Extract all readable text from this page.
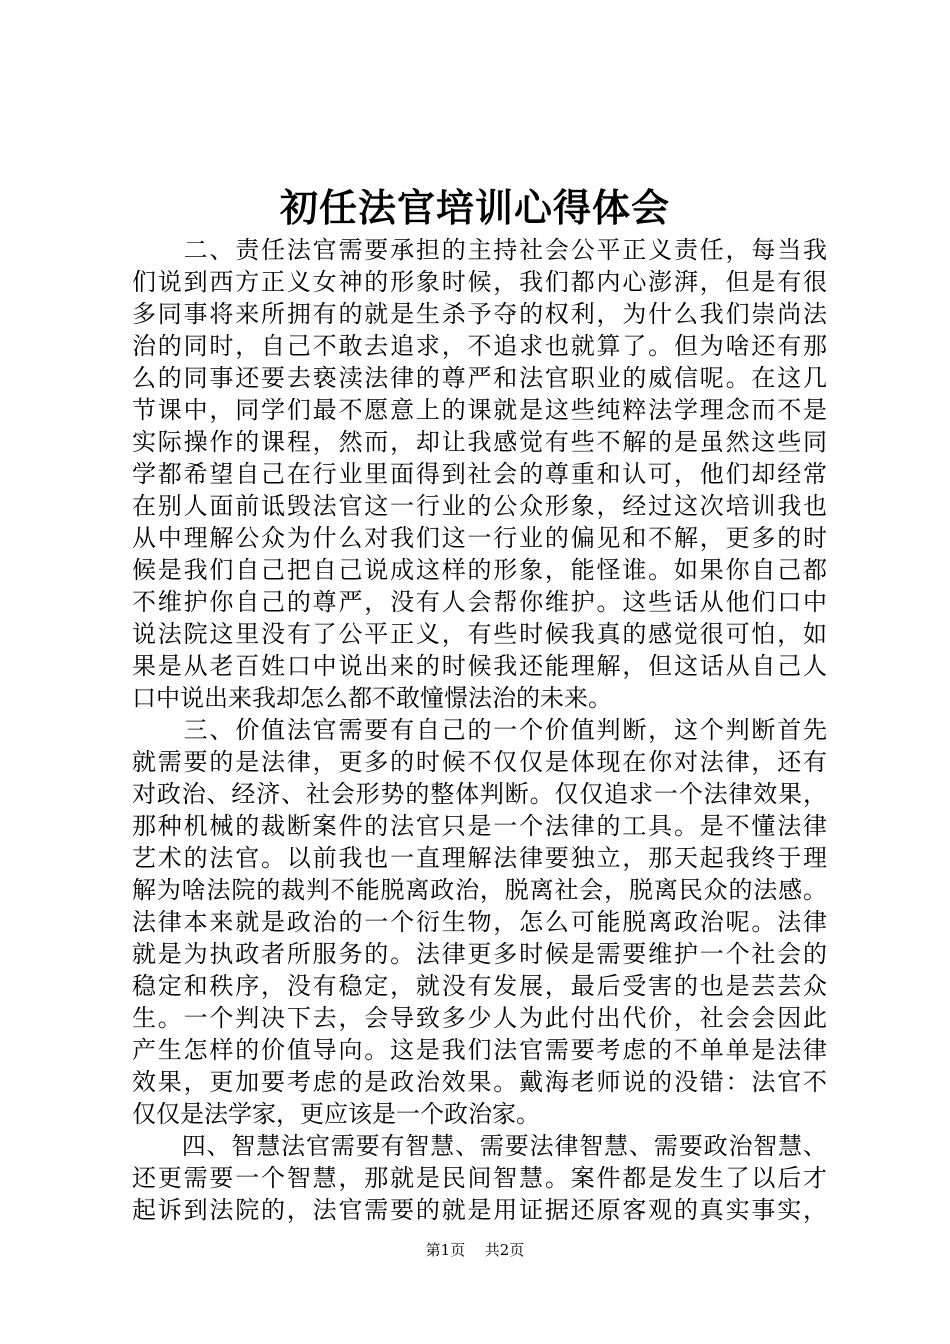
初任法官培训心得体会
　　二、责任法官需要承担的主持社会公平正义责任，每当我
们说到西方正义女神的形象时候，我们都内心澎湃，但是有很
多同事将来所拥有的就是生杀予夺的权利，为什么我们崇尚法
治的同时，自己不敢去追求，不追求也就算了。但为啥还有那
么的同事还要去亵渎法律的尊严和法官职业的威信呢。在这几
节课中，同学们最不愿意上的课就是这些纯粹法学理念而不是
实际操作的课程，然而，却让我感觉有些不解的是虽然这些同
学都希望自己在行业里面得到社会的尊重和认可，他们却经常
在别人面前诋毁法官这一行业的公众形象，经过这次培训我也
从中理解公众为什么对我们这一行业的偏见和不解，更多的时
候是我们自己把自己说成这样的形象，能怪谁。如果你自己都
不维护你自己的尊严，没有人会帮你维护。这些话从他们口中
说法院这里没有了公平正义，有些时候我真的感觉很可怕，如
果是从老百姓口中说出来的时候我还能理解，但这话从自己人
口中说出来我却怎么都不敢憧憬法治的未来。
　　三、价值法官需要有自己的一个价值判断，这个判断首先
就需要的是法律，更多的时候不仅仅是体现在你对法律，还有
对政治、经济、社会形势的整体判断。仅仅追求一个法律效果，
那种机械的裁断案件的法官只是一个法律的工具。是不懂法律
艺术的法官。以前我也一直理解法律要独立，那天起我终于理
解为啥法院的裁判不能脱离政治，脱离社会，脱离民众的法感。
法律本来就是政治的一个衍生物，怎么可能脱离政治呢。法律
就是为执政者所服务的。法律更多时候是需要维护一个社会的
稳定和秩序，没有稳定，就没有发展，最后受害的也是芸芸众
生。一个判决下去，会导致多少人为此付出代价，社会会因此
产生怎样的价值导向。这是我们法官需要考虑的不单单是法律
效果，更加要考虑的是政治效果。戴海老师说的没错：法官不
仅仅是法学家，更应该是一个政治家。
　　四、智慧法官需要有智慧、需要法律智慧、需要政治智慧、
还更需要一个智慧，那就是民间智慧。案件都是发生了以后才
起诉到法院的，法官需要的就是用证据还原客观的真实事实，
第1页 共2页
